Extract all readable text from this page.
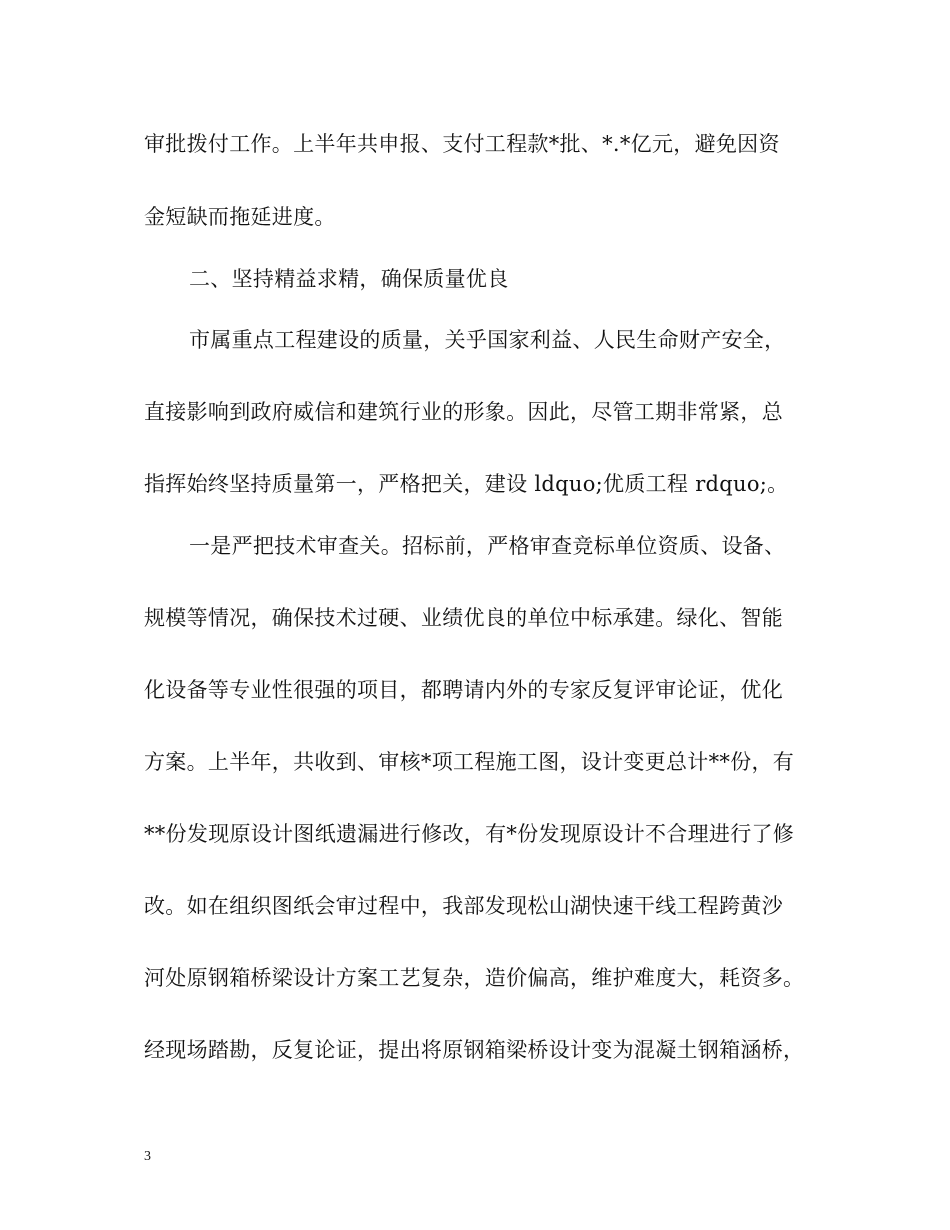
审批拨付工作。上半年共申报、支付工程款*批、*.*亿元，避免因资
金短缺而拖延进度。
二、坚持精益求精，确保质量优良
市属重点工程建设的质量，关乎国家利益、人民生命财产安全，
直接影响到政府威信和建筑行业的形象。因此，尽管工期非常紧，总
指挥始终坚持质量第一，严格把关，建设 ldquo;优质工程 rdquo;。
一是严把技术审查关。招标前，严格审查竞标单位资质、设备、
规模等情况，确保技术过硬、业绩优良的单位中标承建。绿化、智能
化设备等专业性很强的项目，都聘请内外的专家反复评审论证，优化
方案。上半年，共收到、审核*项工程施工图，设计变更总计**份，有
**份发现原设计图纸遗漏进行修改，有*份发现原设计不合理进行了修
改。如在组织图纸会审过程中，我部发现松山湖快速干线工程跨黄沙
河处原钢箱桥梁设计方案工艺复杂，造价偏高，维护难度大，耗资多。
经现场踏勘，反复论证，提出将原钢箱梁桥设计变为混凝土钢箱涵桥，
3
